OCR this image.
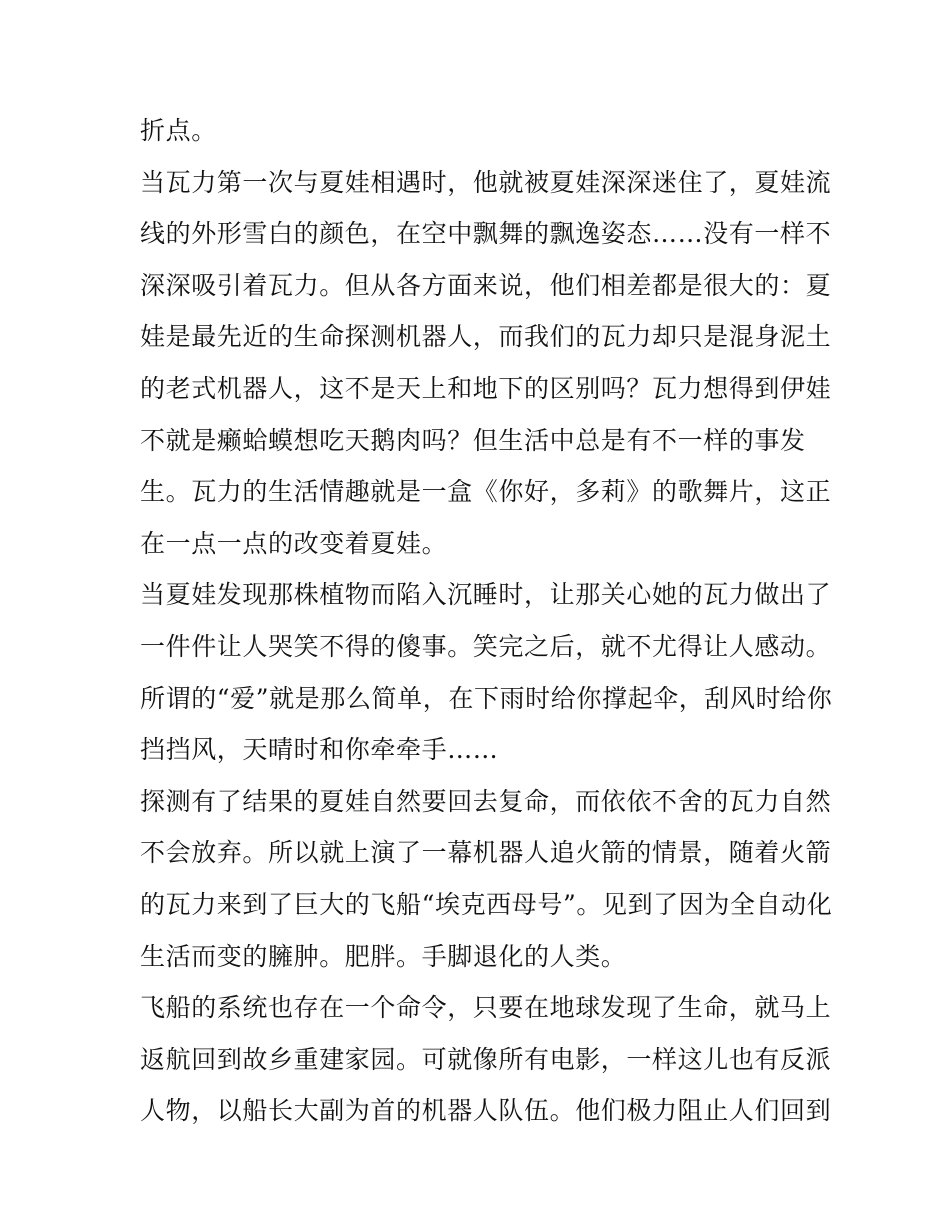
折点。
当瓦力第一次与夏娃相遇时，他就被夏娃深深迷住了，夏娃流
线的外形雪白的颜色，在空中飘舞的飘逸姿态……没有一样不
深深吸引着瓦力。但从各方面来说，他们相差都是很大的：夏
娃是最先近的生命探测机器人，而我们的瓦力却只是混身泥土
的老式机器人，这不是天上和地下的区别吗？瓦力想得到伊娃
不就是癞蛤蟆想吃天鹅肉吗？但生活中总是有不一样的事发
生。瓦力的生活情趣就是一盒《你好，多莉》的歌舞片，这正
在一点一点的改变着夏娃。
当夏娃发现那株植物而陷入沉睡时，让那关心她的瓦力做出了
一件件让人哭笑不得的傻事。笑完之后，就不尤得让人感动。
所谓的“爱”就是那么简单，在下雨时给你撑起伞，刮风时给你
挡挡风，天晴时和你牵牵手……
探测有了结果的夏娃自然要回去复命，而依依不舍的瓦力自然
不会放弃。所以就上演了一幕机器人追火箭的情景，随着火箭
的瓦力来到了巨大的飞船“埃克西母号”。见到了因为全自动化
生活而变的臃肿。肥胖。手脚退化的人类。
飞船的系统也存在一个命令，只要在地球发现了生命，就马上
返航回到故乡重建家园。可就像所有电影，一样这儿也有反派
人物，以船长大副为首的机器人队伍。他们极力阻止人们回到
